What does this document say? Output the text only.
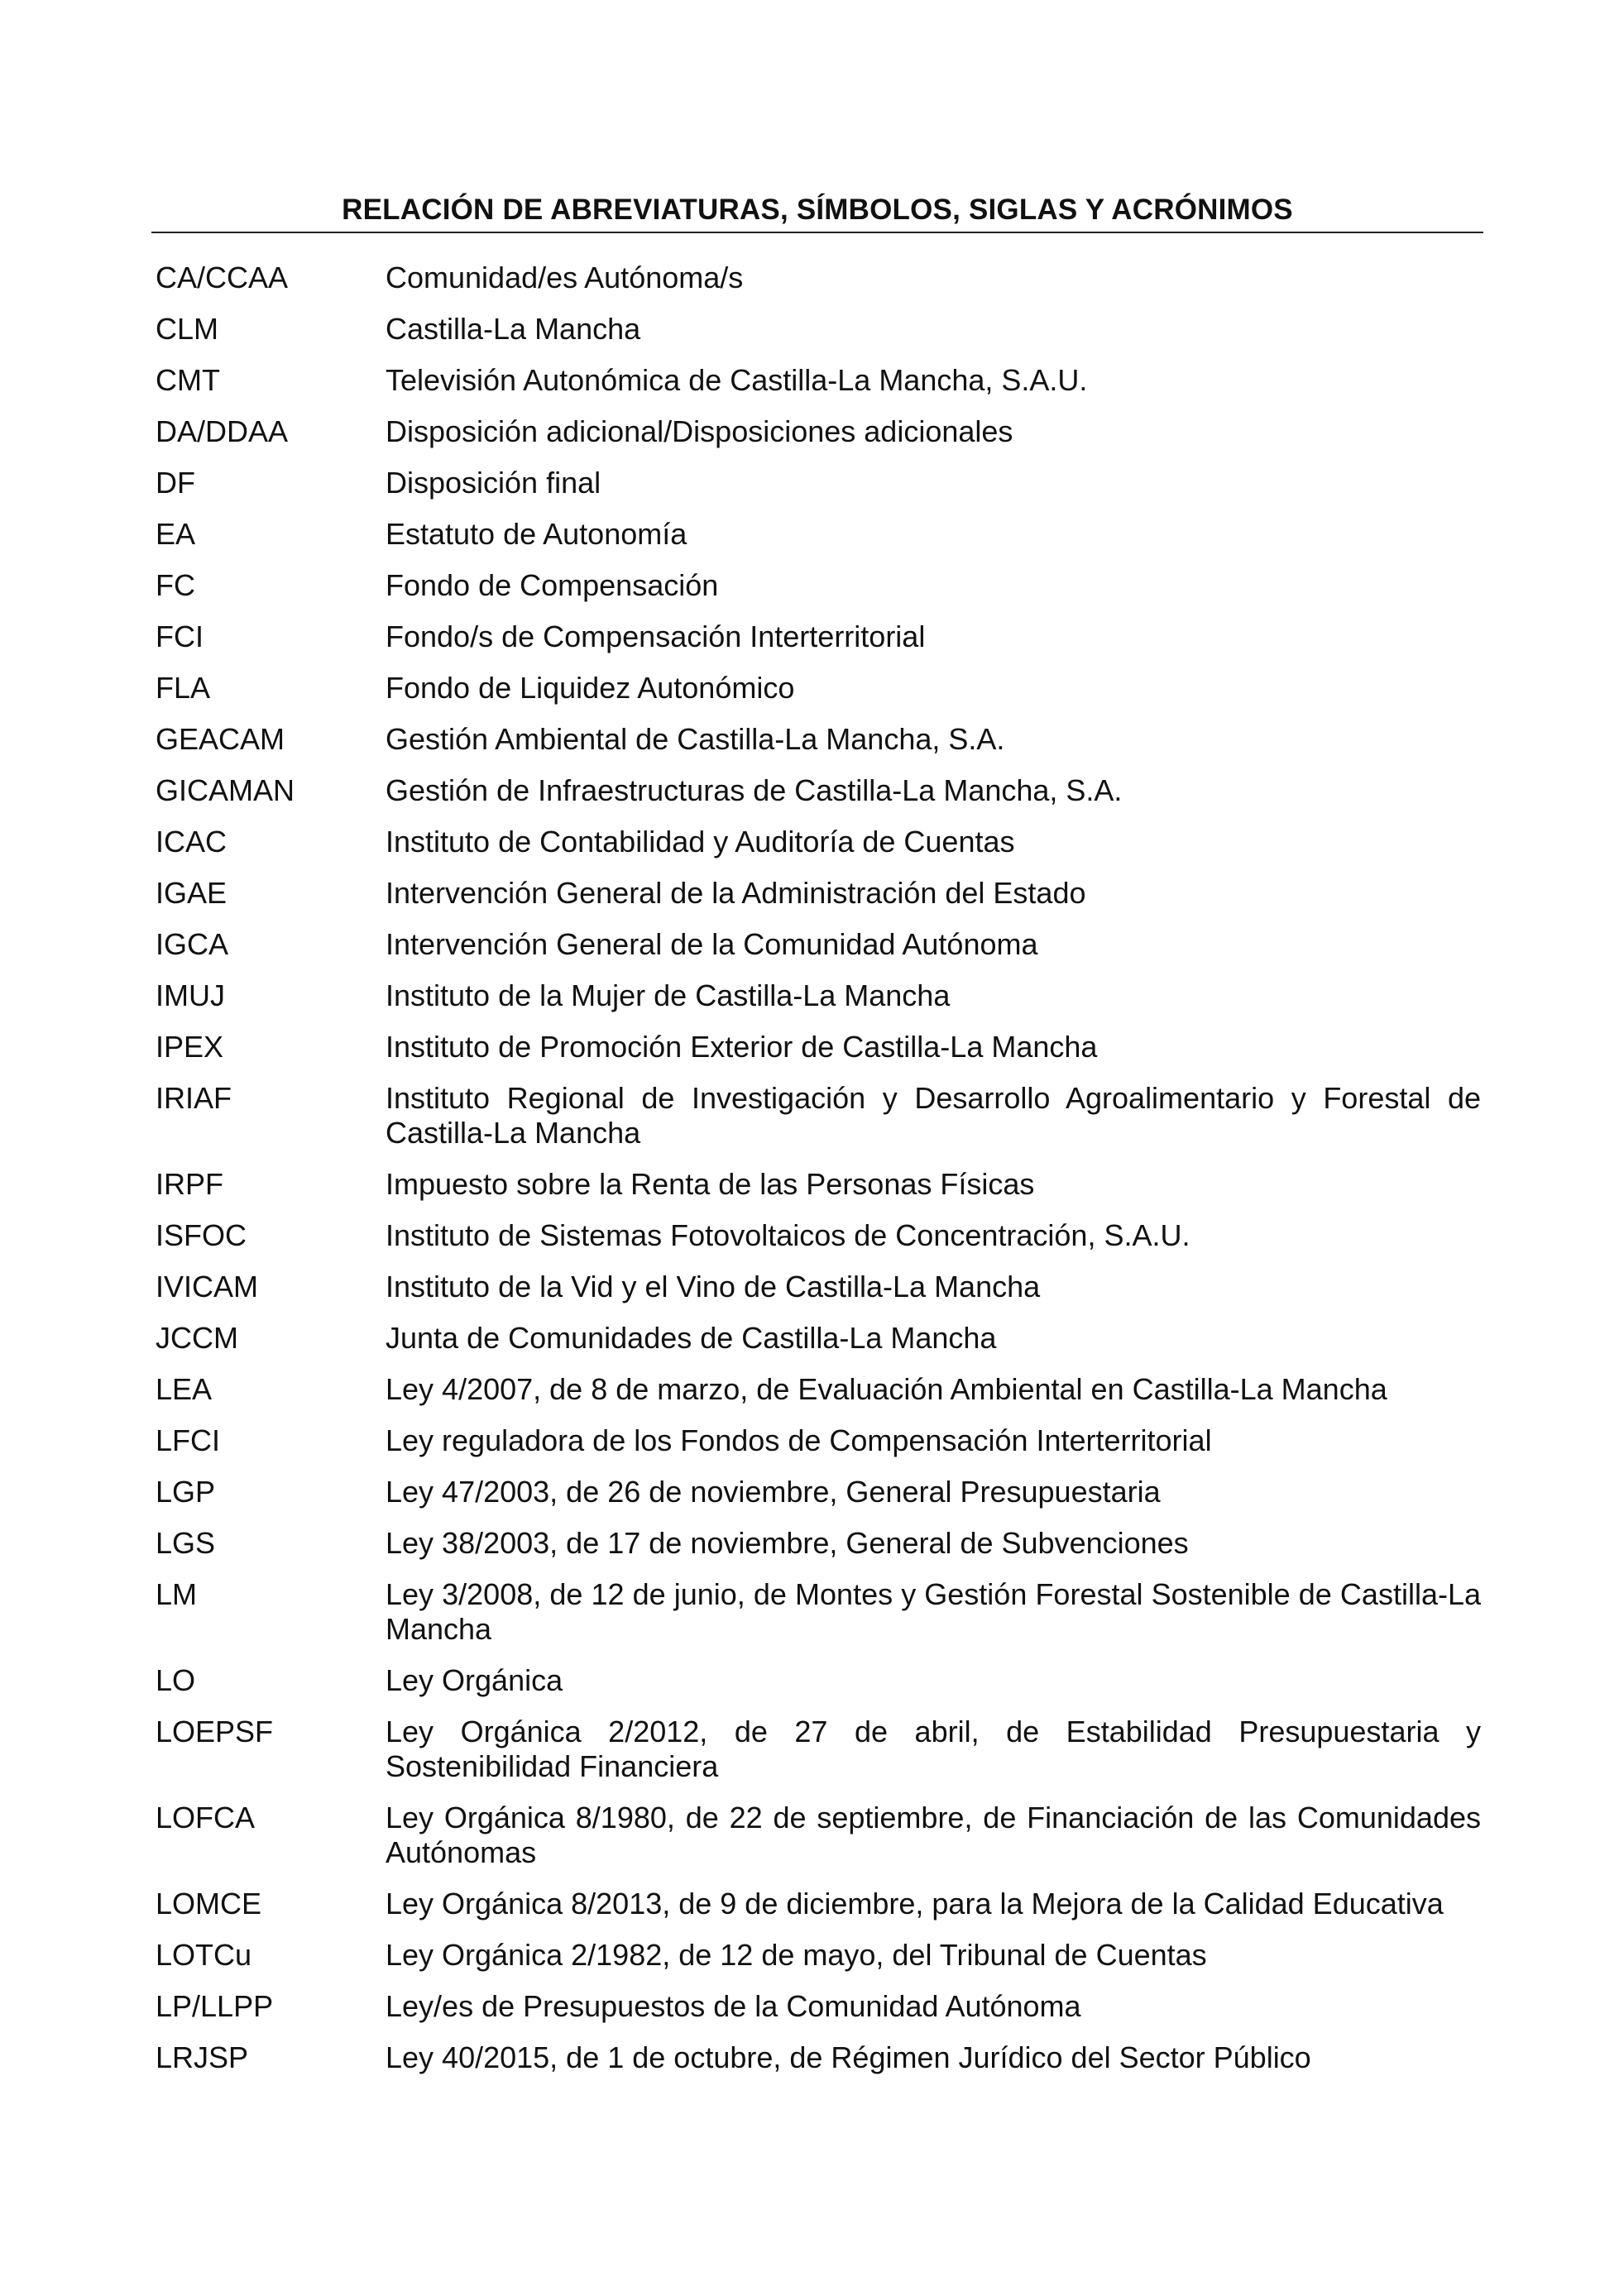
RELACIÓN DE ABREVIATURAS, SÍMBOLOS, SIGLAS Y ACRÓNIMOS
CA/CCAA	Comunidad/es Autónoma/s
CLM	Castilla-La Mancha
CMT	Televisión Autonómica de Castilla-La Mancha, S.A.U.
DA/DDAA	Disposición adicional/Disposiciones adicionales
DF	Disposición final
EA	Estatuto de Autonomía
FC	Fondo de Compensación
FCI	Fondo/s de Compensación Interterritorial
FLA	Fondo de Liquidez Autonómico
GEACAM	Gestión Ambiental de Castilla-La Mancha, S.A.
GICAMAN	Gestión de Infraestructuras de Castilla-La Mancha, S.A.
ICAC	Instituto de Contabilidad y Auditoría de Cuentas
IGAE	Intervención General de la Administración del Estado
IGCA	Intervención General de la Comunidad Autónoma
IMUJ	Instituto de la Mujer de Castilla-La Mancha
IPEX	Instituto de Promoción Exterior de Castilla-La Mancha
IRIAF	Instituto Regional de Investigación y Desarrollo Agroalimentario y Forestal de Castilla-La Mancha
IRPF	Impuesto sobre la Renta de las Personas Físicas
ISFOC	Instituto de Sistemas Fotovoltaicos de Concentración, S.A.U.
IVICAM	Instituto de la Vid y el Vino de Castilla-La Mancha
JCCM	Junta de Comunidades de Castilla-La Mancha
LEA	Ley 4/2007, de 8 de marzo, de Evaluación Ambiental en Castilla-La Mancha
LFCI	Ley reguladora de los Fondos de Compensación Interterritorial
LGP	Ley 47/2003, de 26 de noviembre, General Presupuestaria
LGS	Ley 38/2003, de 17 de noviembre, General de Subvenciones
LM	Ley 3/2008, de 12 de junio, de Montes y Gestión Forestal Sostenible de Castilla-La Mancha
LO	Ley Orgánica
LOEPSF	Ley Orgánica 2/2012, de 27 de abril, de Estabilidad Presupuestaria y Sostenibilidad Financiera
LOFCA	Ley Orgánica 8/1980, de 22 de septiembre, de Financiación de las Comunidades Autónomas
LOMCE	Ley Orgánica 8/2013, de 9 de diciembre, para la Mejora de la Calidad Educativa
LOTCu	Ley Orgánica 2/1982, de 12 de mayo, del Tribunal de Cuentas
LP/LLPP	Ley/es de Presupuestos de la Comunidad Autónoma
LRJSP	Ley 40/2015, de 1 de octubre, de Régimen Jurídico del Sector Público
